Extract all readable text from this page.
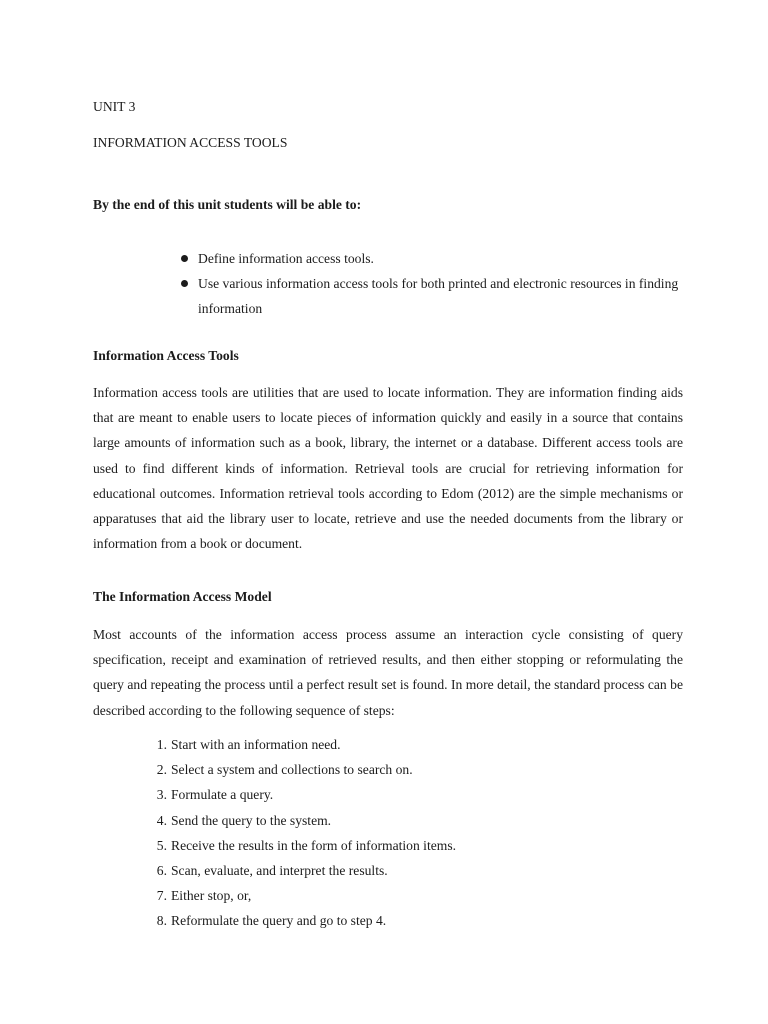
UNIT 3
INFORMATION ACCESS TOOLS
By the end of this unit students will be able to:
Define information access tools.
Use various information access tools for both printed and electronic resources in finding information
Information Access Tools
Information access tools are utilities that are used to locate information. They are information finding aids that are meant to enable users to locate pieces of information quickly and easily in a source that contains large amounts of information such as a book, library, the internet or a database. Different access tools are used to find different kinds of information. Retrieval tools are crucial for retrieving information for educational outcomes. Information retrieval tools according to Edom (2012) are the simple mechanisms or apparatuses that aid the library user to locate, retrieve and use the needed documents from the library or information from a book or document.
The Information Access Model
Most accounts of the information access process assume an interaction cycle consisting of query specification, receipt and examination of retrieved results, and then either stopping or reformulating the query and repeating the process until a perfect result set is found. In more detail, the standard process can be described according to the following sequence of steps:
1. Start with an information need.
2. Select a system and collections to search on.
3. Formulate a query.
4. Send the query to the system.
5. Receive the results in the form of information items.
6. Scan, evaluate, and interpret the results.
7. Either stop, or,
8. Reformulate the query and go to step 4.
